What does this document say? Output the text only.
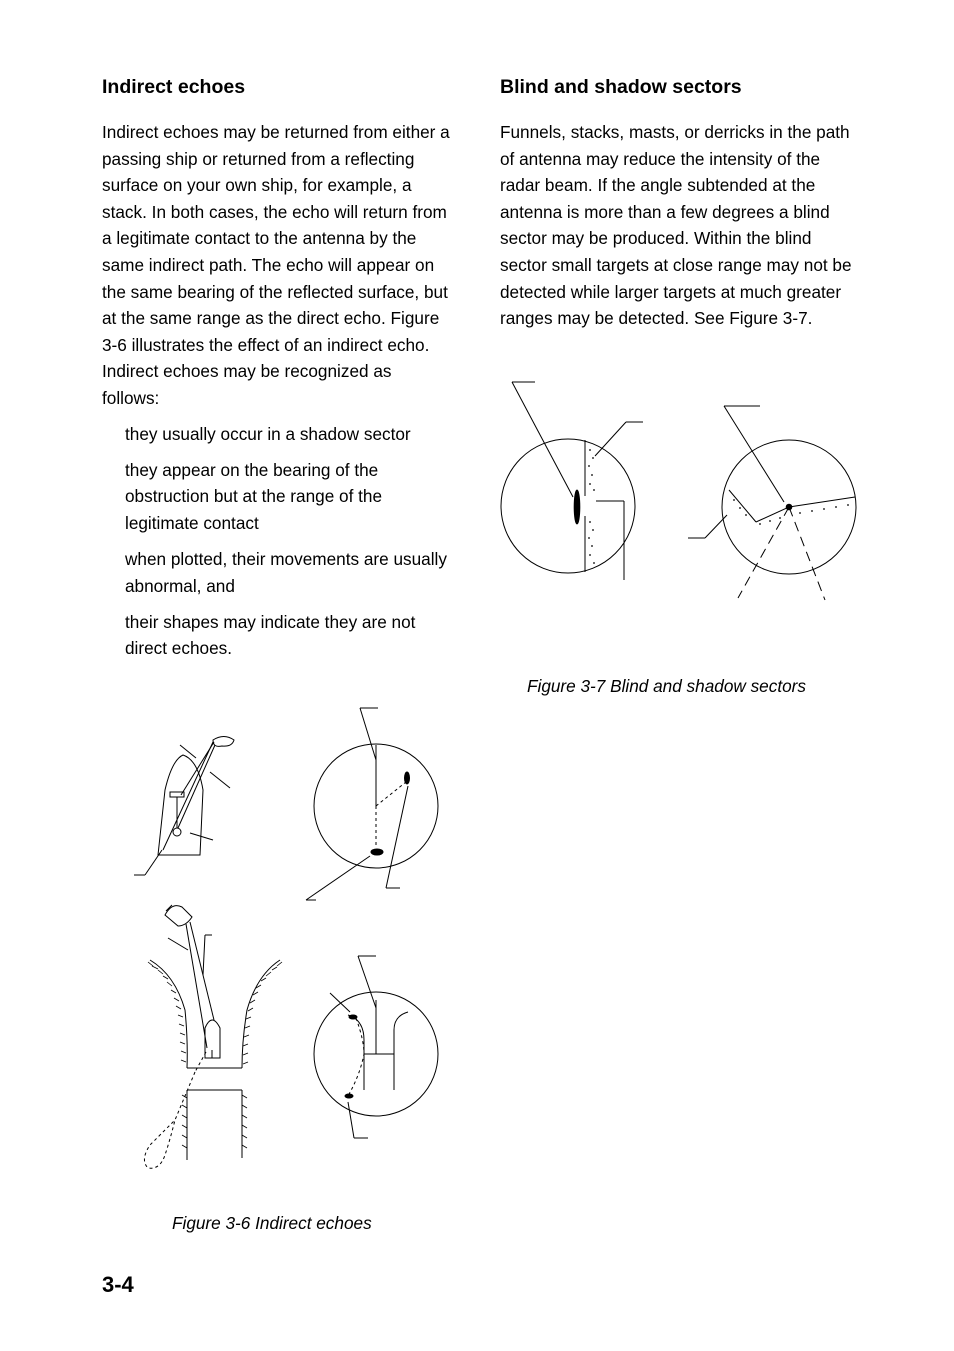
Indirect echoes

Indirect echoes may be returned from either a passing ship or returned from a reflecting surface on your own ship, for example, a stack. In both cases, the echo will return from a legitimate contact to the antenna by the same indirect path. The echo will appear on the same bearing of the reflected surface, but at the same range as the direct echo. Figure 3-6 illustrates the effect of an indirect echo. Indirect echoes may be recognized as follows:

they usually occur in a shadow sector
they appear on the bearing of the obstruction but at the range of the legitimate contact
when plotted, their movements are usually abnormal, and
their shapes may indicate they are not direct echoes.
Blind and shadow sectors

Funnels, stacks, masts, or derricks in the path of antenna may reduce the intensity of the radar beam. If the angle subtended at the antenna is more than a few degrees a blind sector may be produced. Within the blind sector small targets at close range may not be detected while larger targets at much greater ranges may be detected. See Figure 3-7.

Figure 3-6 Indirect echoes
Figure 3-7 Blind and shadow sectors
3-4
